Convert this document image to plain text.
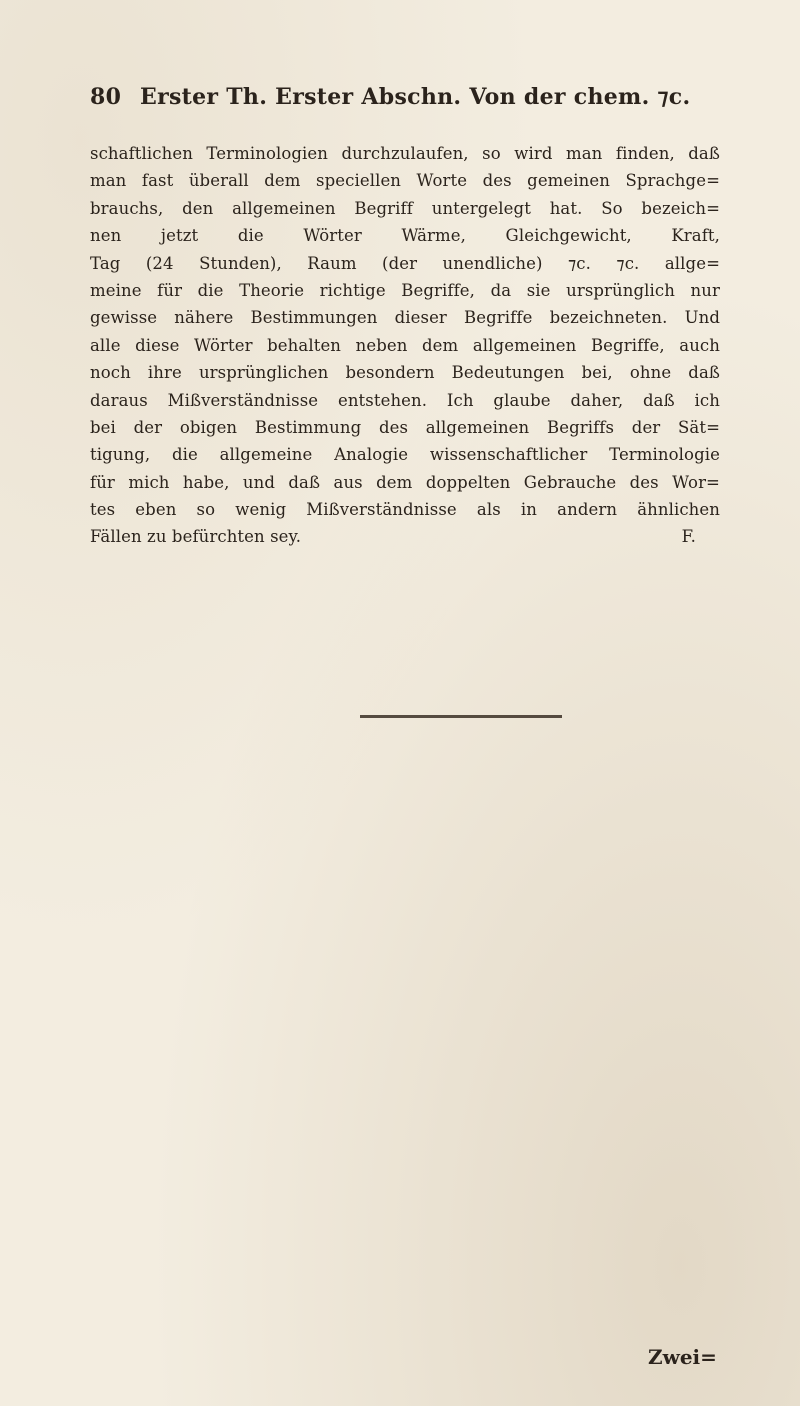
80 Erster Th. Erster Abschn. Von der chem. ⁊c.
schaftlichen Terminologien durchzulaufen, so wird man finden, daß
man fast überall dem speciellen Worte des gemeinen Sprachge=
brauchs, den allgemeinen Begriff untergelegt hat. So bezeich=
nen jetzt die Wörter Wärme, Gleichgewicht, Kraft,
Tag (24 Stunden), Raum (der unendliche) ⁊c. ⁊c. allge=
meine für die Theorie richtige Begriffe, da sie ursprünglich nur
gewisse nähere Bestimmungen dieser Begriffe bezeichneten. Und
alle diese Wörter behalten neben dem allgemeinen Begriffe, auch
noch ihre ursprünglichen besondern Bedeutungen bei, ohne daß
daraus Mißverständnisse entstehen. Ich glaube daher, daß ich
bei der obigen Bestimmung des allgemeinen Begriffs der Sät=
tigung, die allgemeine Analogie wissenschaftlicher Terminologie
für mich habe, und daß aus dem doppelten Gebrauche des Wor=
tes eben so wenig Mißverständnisse als in andern ähnlichen
Fällen zu befürchten sey.	F.
Zwei=
